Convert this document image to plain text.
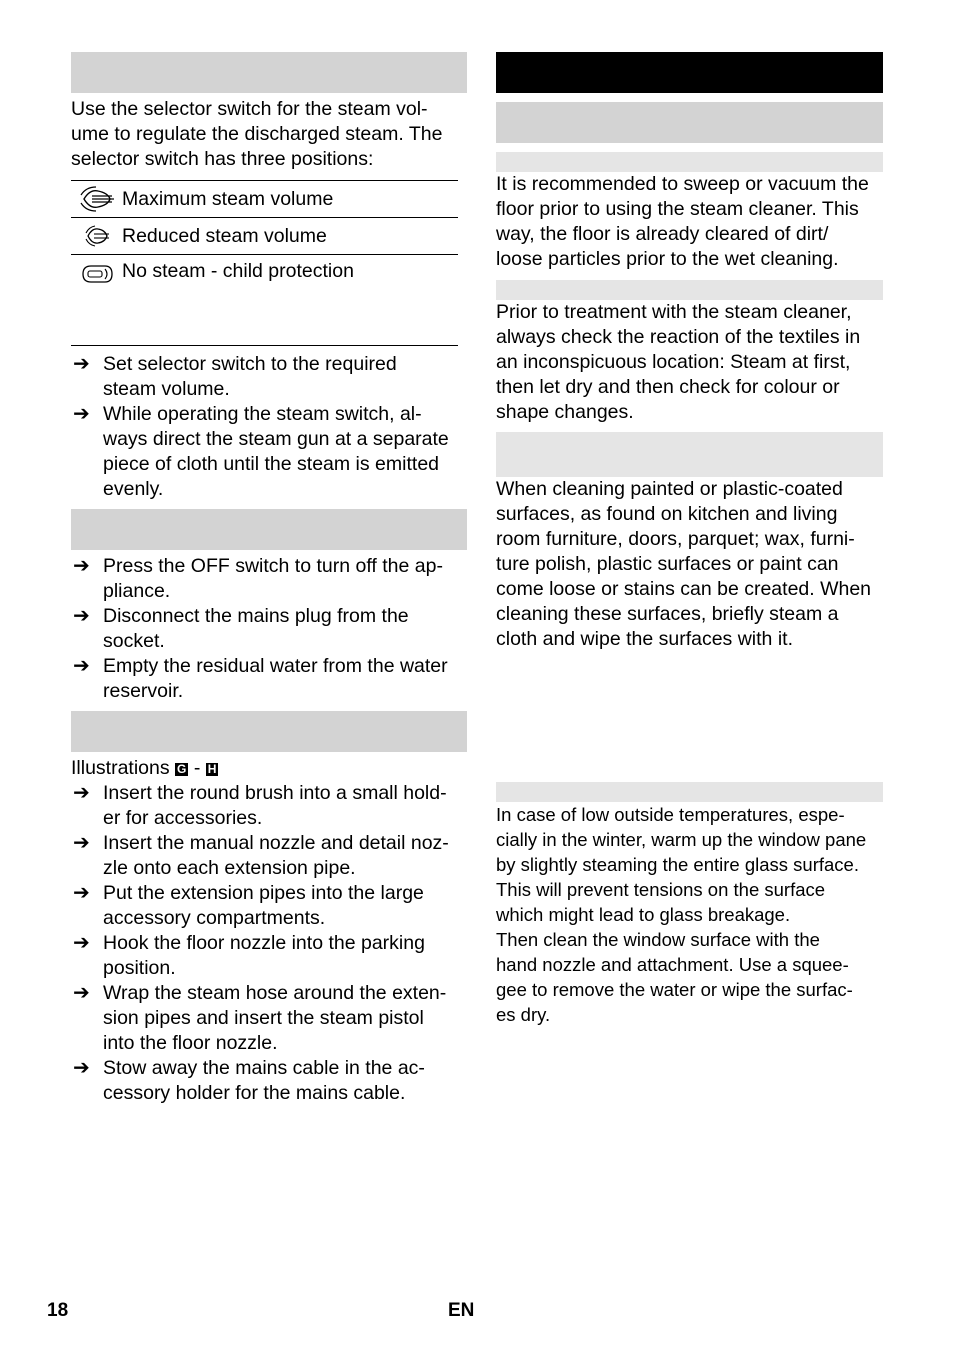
Use the selector switch for the steam vol-
ume to regulate the discharged steam. The
selector switch has three positions:

Maximum steam volume
Reduced steam volume
No steam - child protection
➔ Set selector switch to the required
steam volume.
➔ While operating the steam switch, al-
ways direct the steam gun at a separate
piece of cloth until the steam is emitted
evenly.
➔ Press the OFF switch to turn off the ap-
pliance.
➔ Disconnect the mains plug from the
socket.
➔ Empty the residual water from the water
reservoir.

Illustrations G - H

➔ Insert the round brush into a small hold-
er for accessories.
➔ Insert the manual nozzle and detail noz-
zle onto each extension pipe.
➔ Put the extension pipes into the large
accessory compartments.
➔ Hook the floor nozzle into the parking
position.
➔ Wrap the steam hose around the exten-
sion pipes and insert the steam pistol
into the floor nozzle.
➔ Stow away the mains cable in the ac-
cessory holder for the mains cable.

It is recommended to sweep or vacuum the
floor prior to using the steam cleaner. This
way, the floor is already cleared of dirt/
loose particles prior to the wet cleaning.

Prior to treatment with the steam cleaner,
always check the reaction of the textiles in
an inconspicuous location: Steam at first,
then let dry and then check for colour or
shape changes.

When cleaning painted or plastic-coated
surfaces, as found on kitchen and living
room furniture, doors, parquet; wax, furni-
ture polish, plastic surfaces or paint can
come loose or stains can be created. When
cleaning these surfaces, briefly steam a
cloth and wipe the surfaces with it.

In case of low outside temperatures, espe-
cially in the winter, warm up the window pane
by slightly steaming the entire glass surface.
This will prevent tensions on the surface
which might lead to glass breakage.
Then clean the window surface with the
hand nozzle and attachment. Use a squee-
gee to remove the water or wipe the surfac-
es dry.

18	EN
